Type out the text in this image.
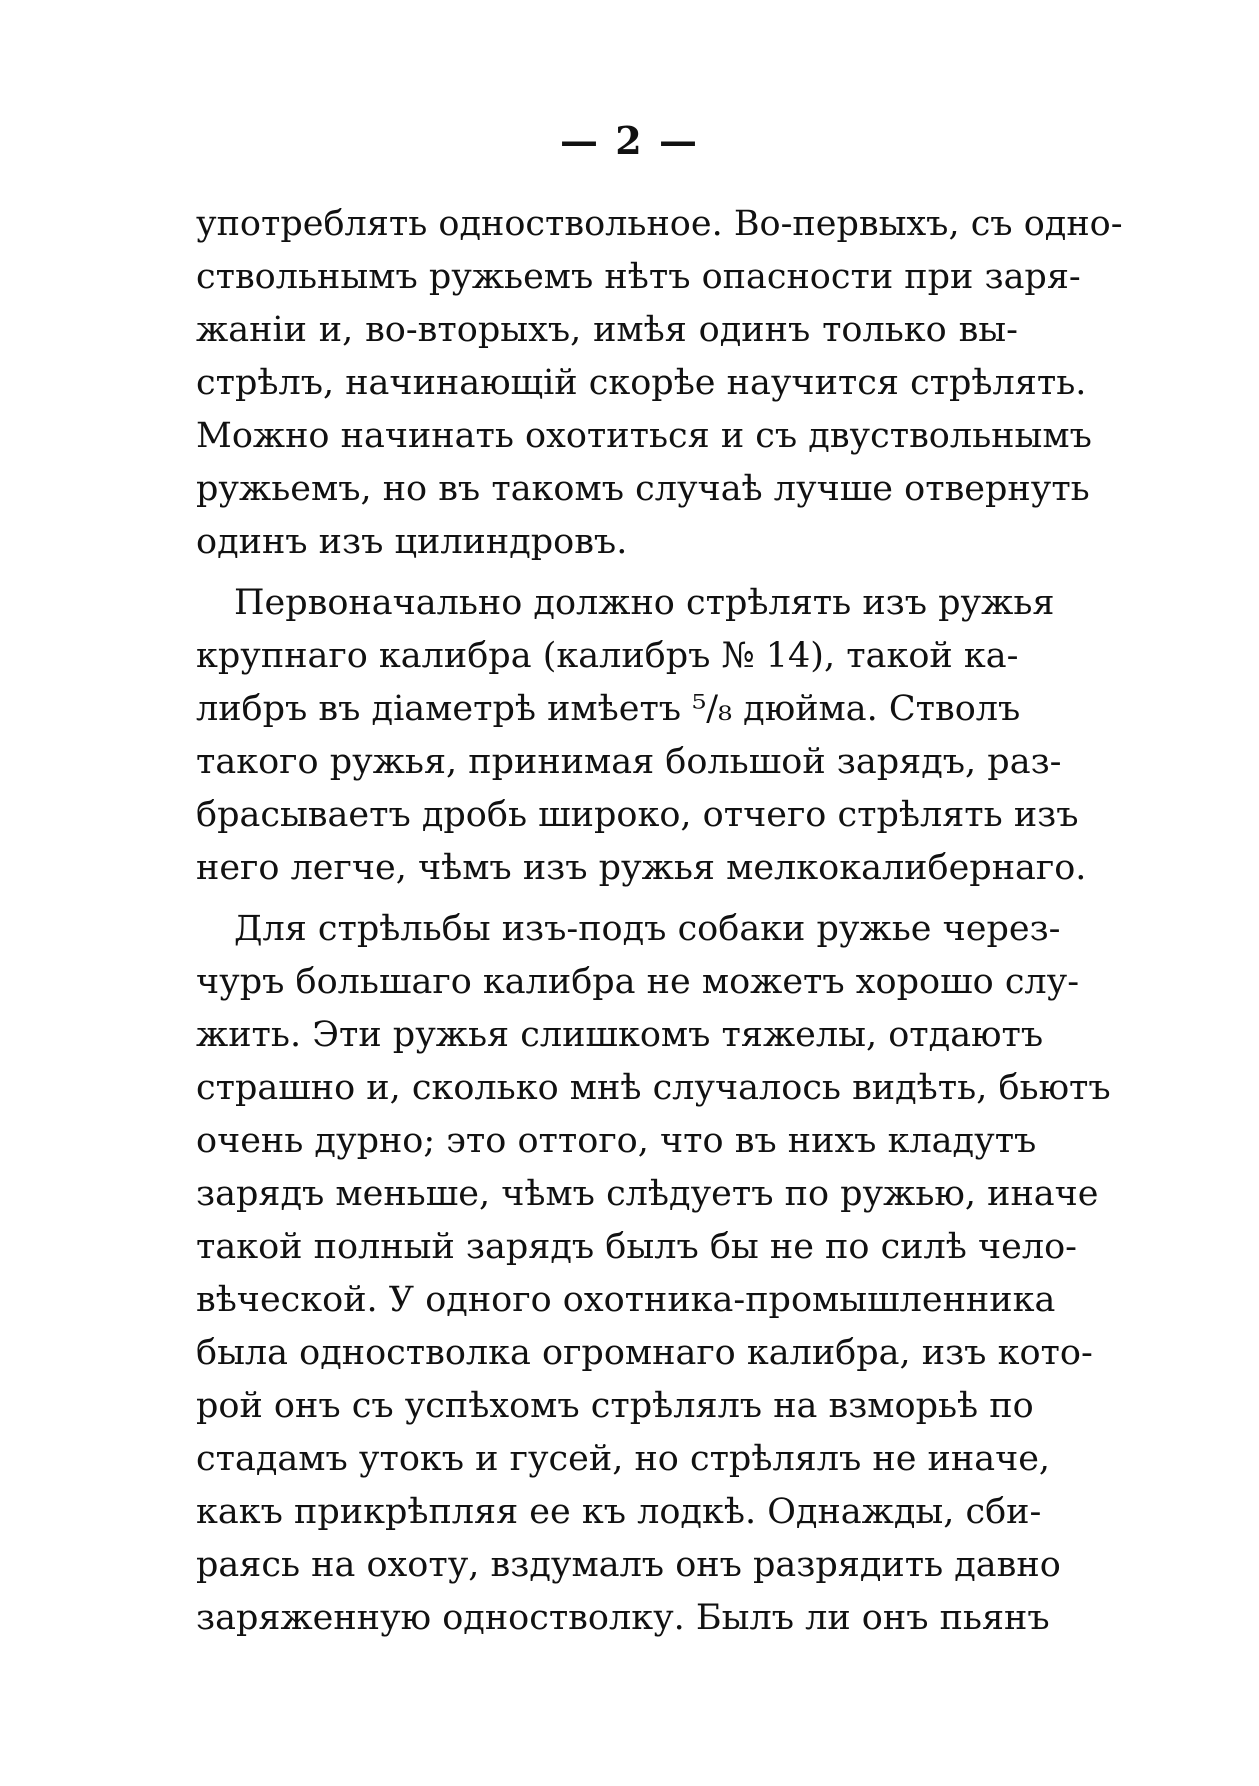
— 2 —
употреблять одноствольное. Во-первыхъ, съ одно-
ствольнымъ ружьемъ нѣтъ опасности при заря-
жаніи и, во-вторыхъ, имѣя одинъ только вы-
стрѣлъ, начинающій скорѣе научится стрѣлять.
Можно начинать охотиться и съ двуствольнымъ
ружьемъ, но въ такомъ случаѣ лучше отвернуть
одинъ изъ цилиндровъ.
Первоначально должно стрѣлять изъ ружья
крупнаго калибра (калибръ № 14), такой ка-
либръ въ діаметрѣ имѣетъ ⁵/₈ дюйма. Стволъ
такого ружья, принимая большой зарядъ, раз-
брасываетъ дробь широко, отчего стрѣлять изъ
него легче, чѣмъ изъ ружья мелкокалибернаго.
Для стрѣльбы изъ-подъ собаки ружье через-
чуръ большаго калибра не можетъ хорошо слу-
жить. Эти ружья слишкомъ тяжелы, отдаютъ
страшно и, сколько мнѣ случалось видѣть, бьютъ
очень дурно; это оттого, что въ нихъ кладутъ
зарядъ меньше, чѣмъ слѣдуетъ по ружью, иначе
такой полный зарядъ былъ бы не по силѣ чело-
вѣческой. У одного охотника-промышленника
была одностволка огромнаго калибра, изъ кото-
рой онъ съ успѣхомъ стрѣлялъ на взморьѣ по
стадамъ утокъ и гусей, но стрѣлялъ не иначе,
какъ прикрѣпляя ее къ лодкѣ. Однажды, сби-
раясь на охоту, вздумалъ онъ разрядить давно
заряженную одностволку. Былъ ли онъ пьянъ
